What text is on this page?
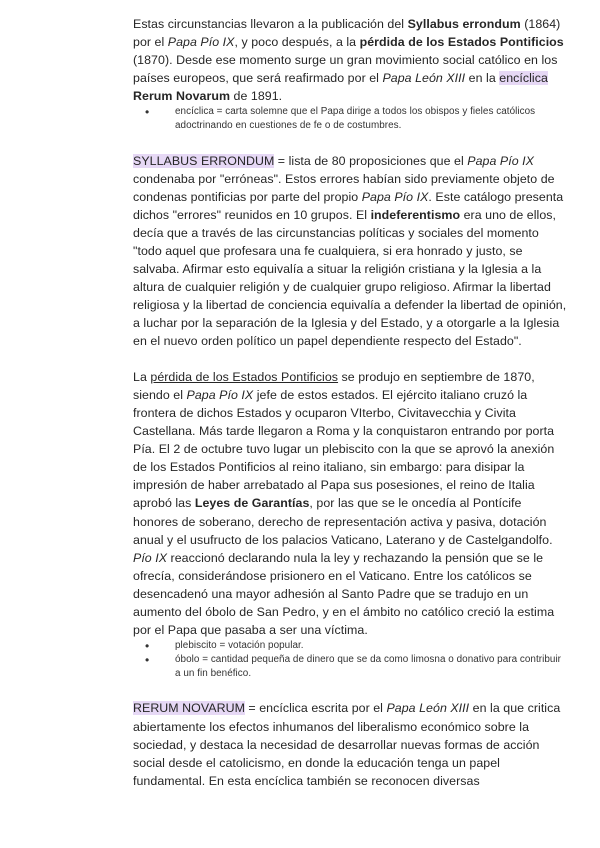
Estas circunstancias llevaron a la publicación del Syllabus errondum (1864) por el Papa Pío IX, y poco después, a la pérdida de los Estados Pontificios (1870). Desde ese momento surge un gran movimiento social católico en los países europeos, que será reafirmado por el Papa León XIII en la encíclica Rerum Novarum de 1891.

• encíclica = carta solemne que el Papa dirige a todos los obispos y fieles católicos adoctrinando en cuestiones de fe o de costumbres.

SYLLABUS ERRONDUM = lista de 80 proposiciones que el Papa Pío IX condenaba por "erróneas". Estos errores habían sido previamente objeto de condenas pontificias por parte del propio Papa Pío IX. Este catálogo presenta dichos "errores" reunidos en 10 grupos. El indeferentismo era uno de ellos, decía que a través de las circunstancias políticas y sociales del momento "todo aquel que profesara una fe cualquiera, si era honrado y justo, se salvaba. Afirmar esto equivalía a situar la religión cristiana y la Iglesia a la altura de cualquier religión y de cualquier grupo religioso. Afirmar la libertad religiosa y la libertad de conciencia equivalía a defender la libertad de opinión, a luchar por la separación de la Iglesia y del Estado, y a otorgarle a la Iglesia en el nuevo orden político un papel dependiente respecto del Estado".

La pérdida de los Estados Pontificios se produjo en septiembre de 1870, siendo el Papa Pío IX jefe de estos estados. El ejército italiano cruzó la frontera de dichos Estados y ocuparon VIterbo, Civitavecchia y Civita Castellana. Más tarde llegaron a Roma y la conquistaron entrando por porta Pía. El 2 de octubre tuvo lugar un plebiscito con la que se aprovó la anexión de los Estados Pontificios al reino italiano, sin embargo: para disipar la impresión de haber arrebatado al Papa sus posesiones, el reino de Italia aprobó las Leyes de Garantías, por las que se le oncedía al Pontícife honores de soberano, derecho de representación activa y pasiva, dotación anual y el usufructo de los palacios Vaticano, Laterano y de Castelgandolfo. Pío IX reaccionó declarando nula la ley y rechazando la pensión que se le ofrecía, considerándose prisionero en el Vaticano. Entre los católicos se desencadenó una mayor adhesión al Santo Padre que se tradujo en un aumento del óbolo de San Pedro, y en el ámbito no católico creció la estima por el Papa que pasaba a ser una víctima.

• plebiscito = votación popular.
• óbolo = cantidad pequeña de dinero que se da como limosna o donativo para contribuir a un fin benéfico.

RERUM NOVARUM = encíclica escrita por el Papa León XIII en la que critica abiertamente los efectos inhumanos del liberalismo económico sobre la sociedad, y destaca la necesidad de desarrollar nuevas formas de acción social desde el catolicismo, en donde la educación tenga un papel fundamental. En esta encíclica también se reconocen diversas
